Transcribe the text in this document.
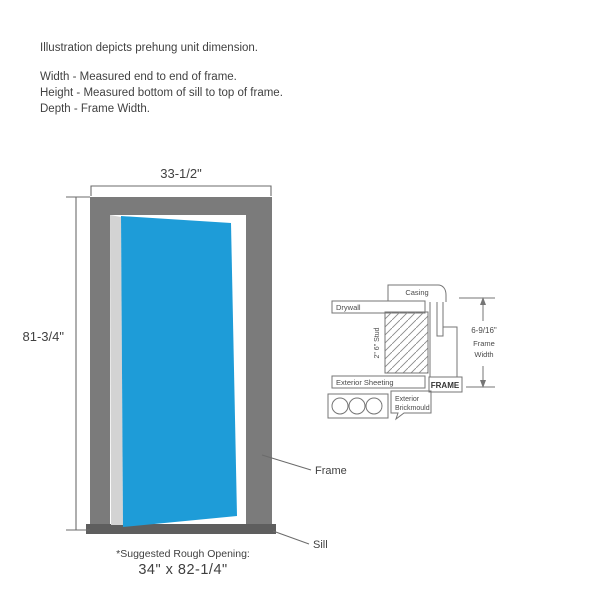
Illustration depicts prehung unit dimension.

Width - Measured end to end of frame.

Height - Measured bottom of sill to top of frame.

Depth - Frame Width.

33-1/2"
81-3/4"
Frame
Sill
Casing
Drywall
2" 6" Stud
Exterior Sheeting	FRAME
Exterior
Brickmould
6-9/16"
Frame
Width

*Suggested Rough Opening:

34" x 82-1/4"
